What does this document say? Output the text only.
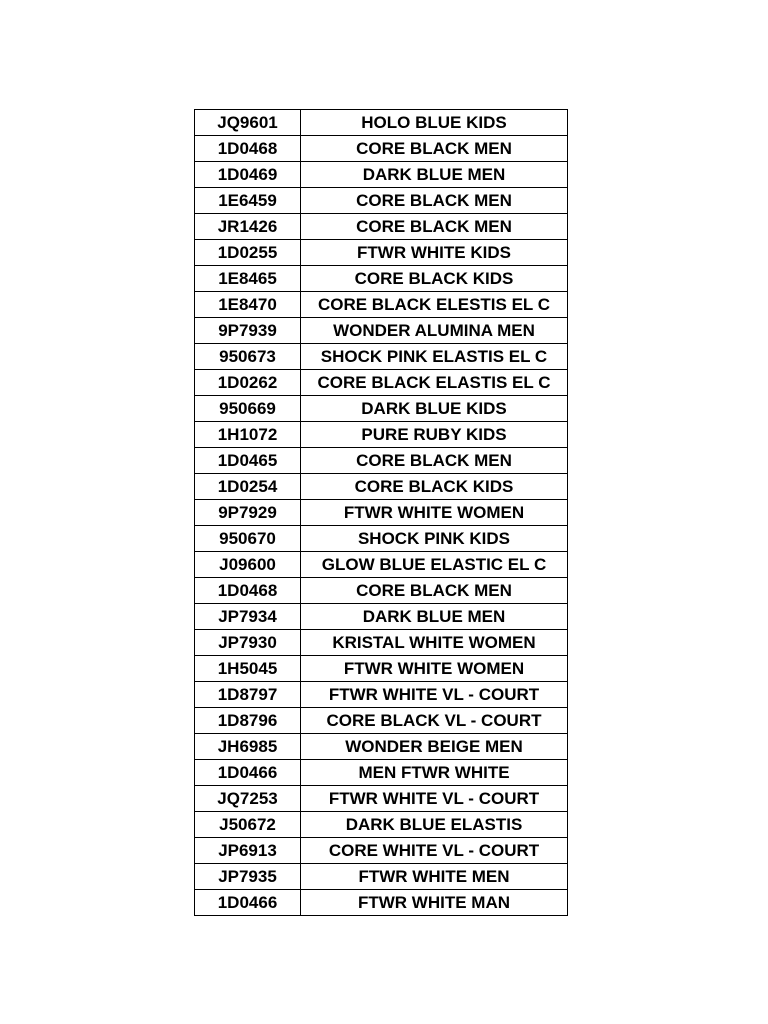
JQ9601	HOLO BLUE KIDS
1D0468	CORE BLACK MEN
1D0469	DARK BLUE MEN
1E6459	CORE BLACK MEN
JR1426	CORE BLACK MEN
1D0255	FTWR WHITE KIDS
1E8465	CORE BLACK KIDS
1E8470	CORE BLACK ELESTIS EL C
9P7939	WONDER ALUMINA MEN
950673	SHOCK PINK ELASTIS EL C
1D0262	CORE BLACK ELASTIS EL C
950669	DARK BLUE KIDS
1H1072	PURE RUBY KIDS
1D0465	CORE BLACK MEN
1D0254	CORE BLACK KIDS
9P7929	FTWR WHITE WOMEN
950670	SHOCK PINK KIDS
J09600	GLOW BLUE ELASTIC EL C
1D0468	CORE BLACK MEN
JP7934	DARK BLUE MEN
JP7930	KRISTAL WHITE WOMEN
1H5045	FTWR WHITE WOMEN
1D8797	FTWR WHITE VL - COURT
1D8796	CORE BLACK VL - COURT
JH6985	WONDER BEIGE MEN
1D0466	MEN FTWR WHITE
JQ7253	FTWR WHITE VL - COURT
J50672	DARK BLUE ELASTIS
JP6913	CORE WHITE VL - COURT
JP7935	FTWR WHITE MEN
1D0466	FTWR WHITE MAN
